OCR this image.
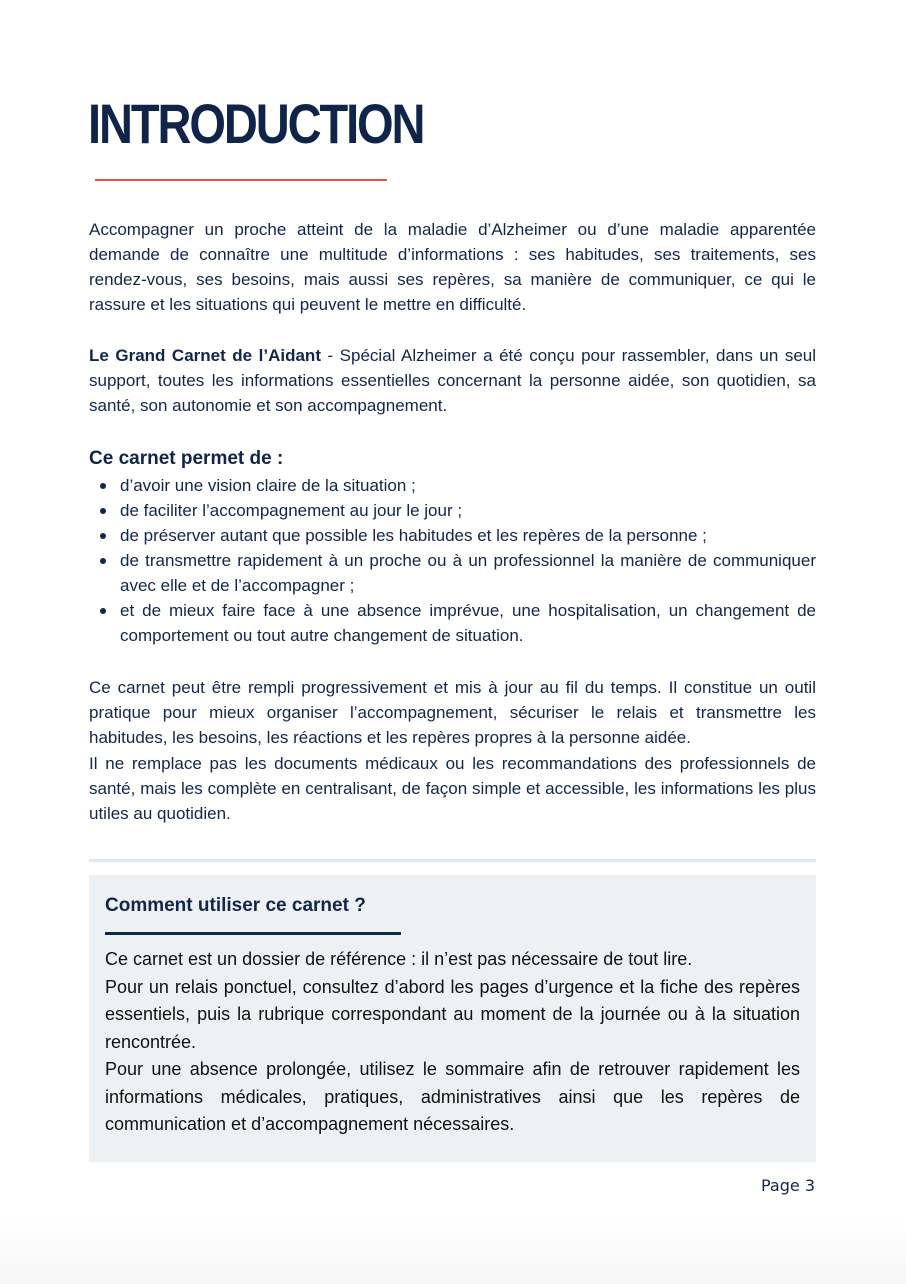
INTRODUCTION

Accompagner un proche atteint de la maladie d’Alzheimer ou d’une maladie apparentée demande de connaître une multitude d’informations : ses habitudes, ses traitements, ses rendez-vous, ses besoins, mais aussi ses repères, sa manière de communiquer, ce qui le rassure et les situations qui peuvent le mettre en difficulté.

Le Grand Carnet de l’Aidant - Spécial Alzheimer a été conçu pour rassembler, dans un seul support, toutes les informations essentielles concernant la personne aidée, son quotidien, sa santé, son autonomie et son accompagnement.

Ce carnet permet de :
d’avoir une vision claire de la situation ;
de faciliter l’accompagnement au jour le jour ;
de préserver autant que possible les habitudes et les repères de la personne ;
de transmettre rapidement à un proche ou à un professionnel la manière de communiquer avec elle et de l’accompagner ;
et de mieux faire face à une absence imprévue, une hospitalisation, un changement de comportement ou tout autre changement de situation.

Ce carnet peut être rempli progressivement et mis à jour au fil du temps. Il constitue un outil pratique pour mieux organiser l’accompagnement, sécuriser le relais et transmettre les habitudes, les besoins, les réactions et les repères propres à la personne aidée.

Il ne remplace pas les documents médicaux ou les recommandations des professionnels de santé, mais les complète en centralisant, de façon simple et accessible, les informations les plus utiles au quotidien.

Comment utiliser ce carnet ?

Ce carnet est un dossier de référence : il n’est pas nécessaire de tout lire.
Pour un relais ponctuel, consultez d’abord les pages d’urgence et la fiche des repères essentiels, puis la rubrique correspondant au moment de la journée ou à la situation rencontrée.
Pour une absence prolongée, utilisez le sommaire afin de retrouver rapidement les informations médicales, pratiques, administratives ainsi que les repères de communication et d’accompagnement nécessaires.

Page 3
